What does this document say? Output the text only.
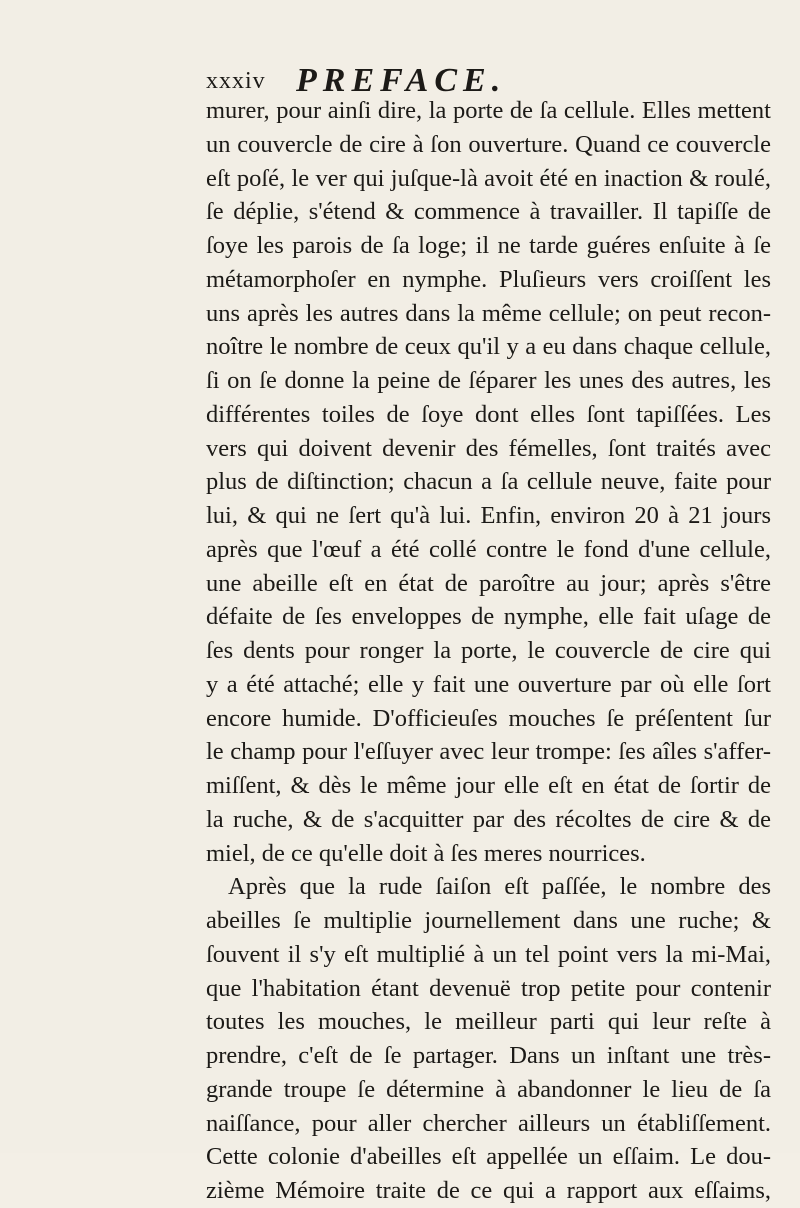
xxxiv PREFACE.
murer, pour ainſi dire, la porte de ſa cellule. Elles mettent
un couvercle de cire à ſon ouverture. Quand ce couvercle
eſt poſé, le ver qui juſque-là avoit été en inaction & roulé,
ſe déplie, s'étend & commence à travailler. Il tapiſſe de
ſoye les parois de ſa loge; il ne tarde guéres enſuite à ſe
métamorphoſer en nymphe. Pluſieurs vers croiſſent les
uns après les autres dans la même cellule; on peut recon-
noître le nombre de ceux qu'il y a eu dans chaque cellule,
ſi on ſe donne la peine de ſéparer les unes des autres, les
différentes toiles de ſoye dont elles ſont tapiſſées. Les
vers qui doivent devenir des fémelles, ſont traités avec
plus de diſtinction; chacun a ſa cellule neuve, faite pour
lui, & qui ne ſert qu'à lui. Enfin, environ 20 à 21 jours
après que l'œuf a été collé contre le fond d'une cellule,
une abeille eſt en état de paroître au jour; après s'être
défaite de ſes enveloppes de nymphe, elle fait uſage de
ſes dents pour ronger la porte, le couvercle de cire qui
y a été attaché; elle y fait une ouverture par où elle ſort
encore humide. D'officieuſes mouches ſe préſentent ſur
le champ pour l'eſſuyer avec leur trompe: ſes aîles s'affer-
miſſent, & dès le même jour elle eſt en état de ſortir de
la ruche, & de s'acquitter par des récoltes de cire & de
miel, de ce qu'elle doit à ſes meres nourrices.
Après que la rude ſaiſon eſt paſſée, le nombre des
abeilles ſe multiplie journellement dans une ruche; &
ſouvent il s'y eſt multiplié à un tel point vers la mi-Mai,
que l'habitation étant devenuë trop petite pour contenir
toutes les mouches, le meilleur parti qui leur reſte à
prendre, c'eſt de ſe partager. Dans un inſtant une très-
grande troupe ſe détermine à abandonner le lieu de ſa
naiſſance, pour aller chercher ailleurs un établiſſement.
Cette colonie d'abeilles eſt appellée un eſſaim. Le dou-
zième Mémoire traite de ce qui a rapport aux eſſaims,
